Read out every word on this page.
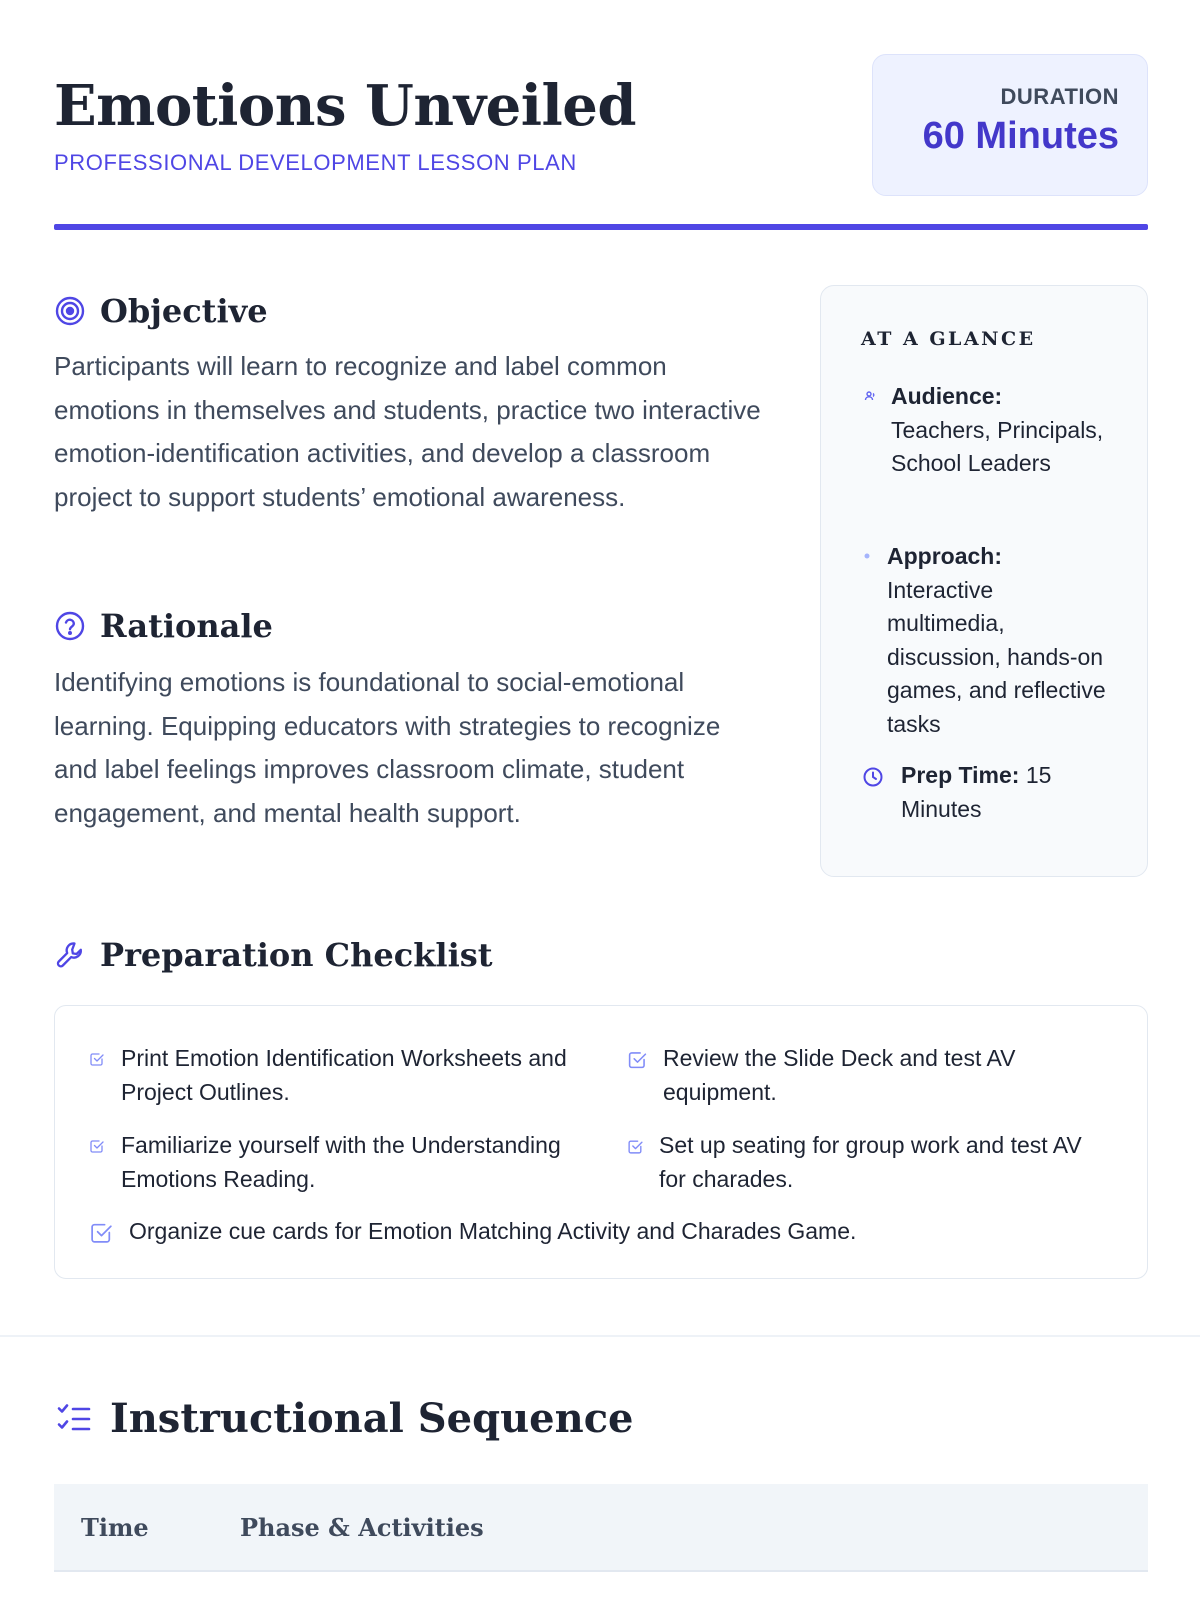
Emotions Unveiled
PROFESSIONAL DEVELOPMENT LESSON PLAN
DURATION
60 Minutes
Objective

Participants will learn to recognize and label common emotions in themselves and students, practice two interactive emotion-identification activities, and develop a classroom project to support students’ emotional awareness.

Rationale

Identifying emotions is foundational to social-emotional learning. Equipping educators with strategies to recognize and label feelings improves classroom climate, student engagement, and mental health support.

AT A GLANCE
Audience:
Teachers, Principals, School Leaders
Approach:
Interactive multimedia, discussion, hands-on games, and reflective tasks
Prep Time: 15 Minutes
Preparation Checklist
Print Emotion Identification Worksheets and Project Outlines.
Review the Slide Deck and test AV equipment.
Familiarize yourself with the Understanding Emotions Reading.
Set up seating for group work and test AV for charades.
Organize cue cards for Emotion Matching Activity and Charades Game.
Instructional Sequence
Time	Phase & Activities
